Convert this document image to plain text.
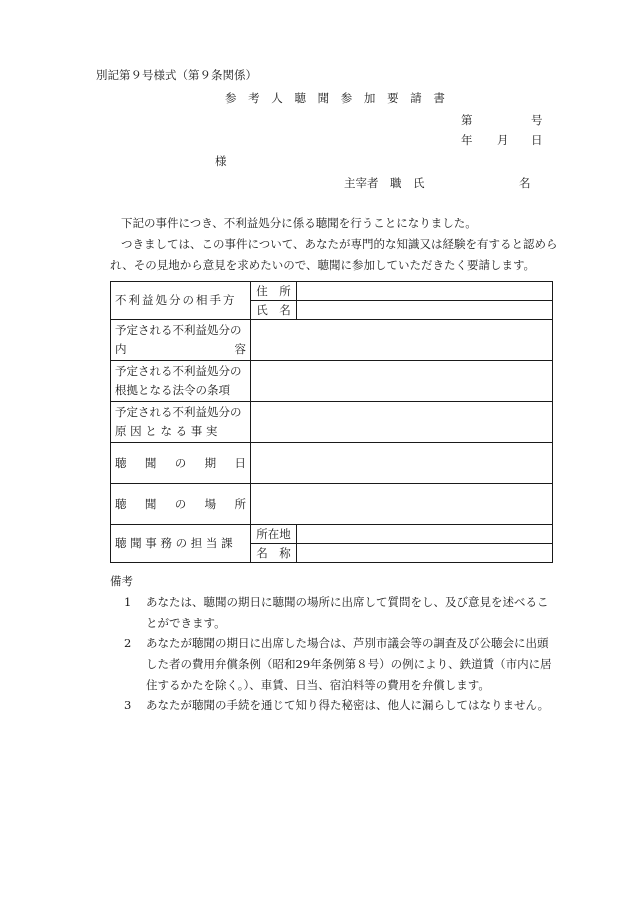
別記第９号様式（第９条関係）
参 考 人 聴 聞 参 加 要 請 書
第	号
年 月 日
様
主宰者　職　氏	名
下記の事件につき、不利益処分に係る聴聞を行うことになりました。
つきましては、この事件について、あなたが専門的な知識又は経験を有すると認めら
れ、その見地から意見を求めたいので、聴聞に参加していただきたく要請します。
不利益処分の相手方	住　所	
	氏　名	

予定される不利益処分の
内 容		

予定される不利益処分の
根拠となる法令の条項		

予定される不利益処分の
原 因 と な る 事 実		

聴 聞 の 期 日		

聴 聞 の 場 所		

聴 聞 事 務 の 担 当 課	所在地	
	名　称	
備考
1 あなたは、聴聞の期日に聴聞の場所に出席して質問をし、及び意見を述べることができます。
2 あなたが聴聞の期日に出席した場合は、芦別市議会等の調査及び公聴会に出頭した者の費用弁償条例（昭和29年条例第８号）の例により、鉄道賃（市内に居住するかたを除く。）、車賃、日当、宿泊料等の費用を弁償します。
3 あなたが聴聞の手続を通じて知り得た秘密は、他人に漏らしてはなりません。
